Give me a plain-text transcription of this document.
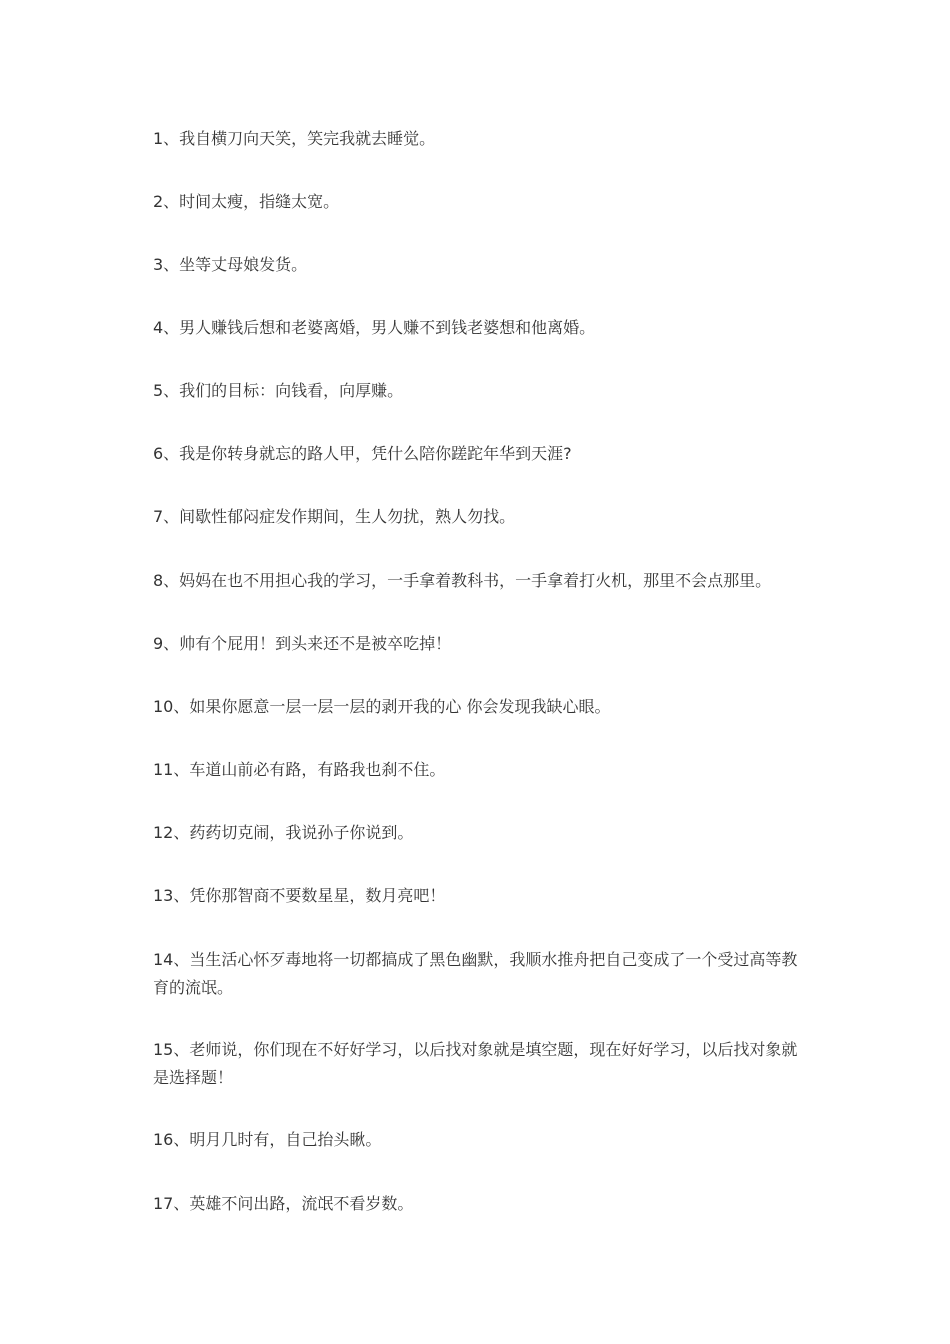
1、我自横刀向天笑，笑完我就去睡觉。

2、时间太瘦，指缝太宽。

3、坐等丈母娘发货。

4、男人赚钱后想和老婆离婚，男人赚不到钱老婆想和他离婚。

5、我们的目标：向钱看，向厚赚。

6、我是你转身就忘的路人甲，凭什么陪你蹉跎年华到天涯?

7、间歇性郁闷症发作期间，生人勿扰，熟人勿找。

8、妈妈在也不用担心我的学习，一手拿着教科书，一手拿着打火机，那里不会点那里。

9、帅有个屁用！到头来还不是被卒吃掉！

10、如果你愿意一层一层一层的剥开我的心 你会发现我缺心眼。

11、车道山前必有路，有路我也刹不住。

12、药药切克闹，我说孙子你说到。

13、凭你那智商不要数星星，数月亮吧！

14、当生活心怀歹毒地将一切都搞成了黑色幽默，我顺水推舟把自己变成了一个受过高等教育的流氓。

15、老师说，你们现在不好好学习，以后找对象就是填空题，现在好好学习，以后找对象就是选择题！

16、明月几时有，自己抬头瞅。

17、英雄不问出路，流氓不看岁数。
